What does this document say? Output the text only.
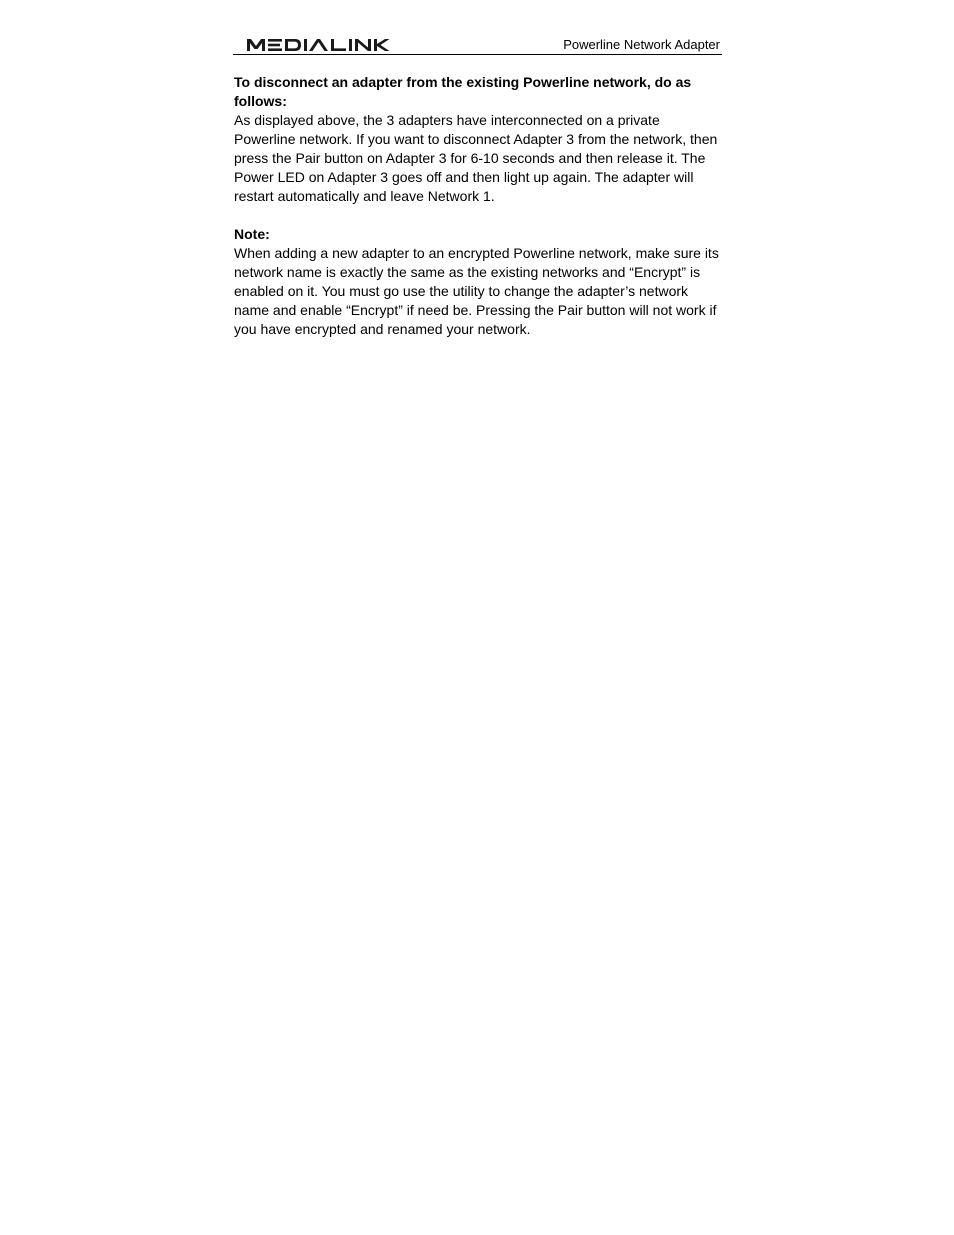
Powerline Network Adapter

To disconnect an adapter from the existing Powerline network, do as follows:

As displayed above, the 3 adapters have interconnected on a private Powerline network. If you want to disconnect Adapter 3 from the network, then press the Pair button on Adapter 3 for 6-10 seconds and then release it. The Power LED on Adapter 3 goes off and then light up again. The adapter will restart automatically and leave Network 1.

Note:

When adding a new adapter to an encrypted Powerline network, make sure its network name is exactly the same as the existing networks and “Encrypt” is enabled on it. You must go use the utility to change the adapter’s network name and enable “Encrypt” if need be. Pressing the Pair button will not work if you have encrypted and renamed your network.
